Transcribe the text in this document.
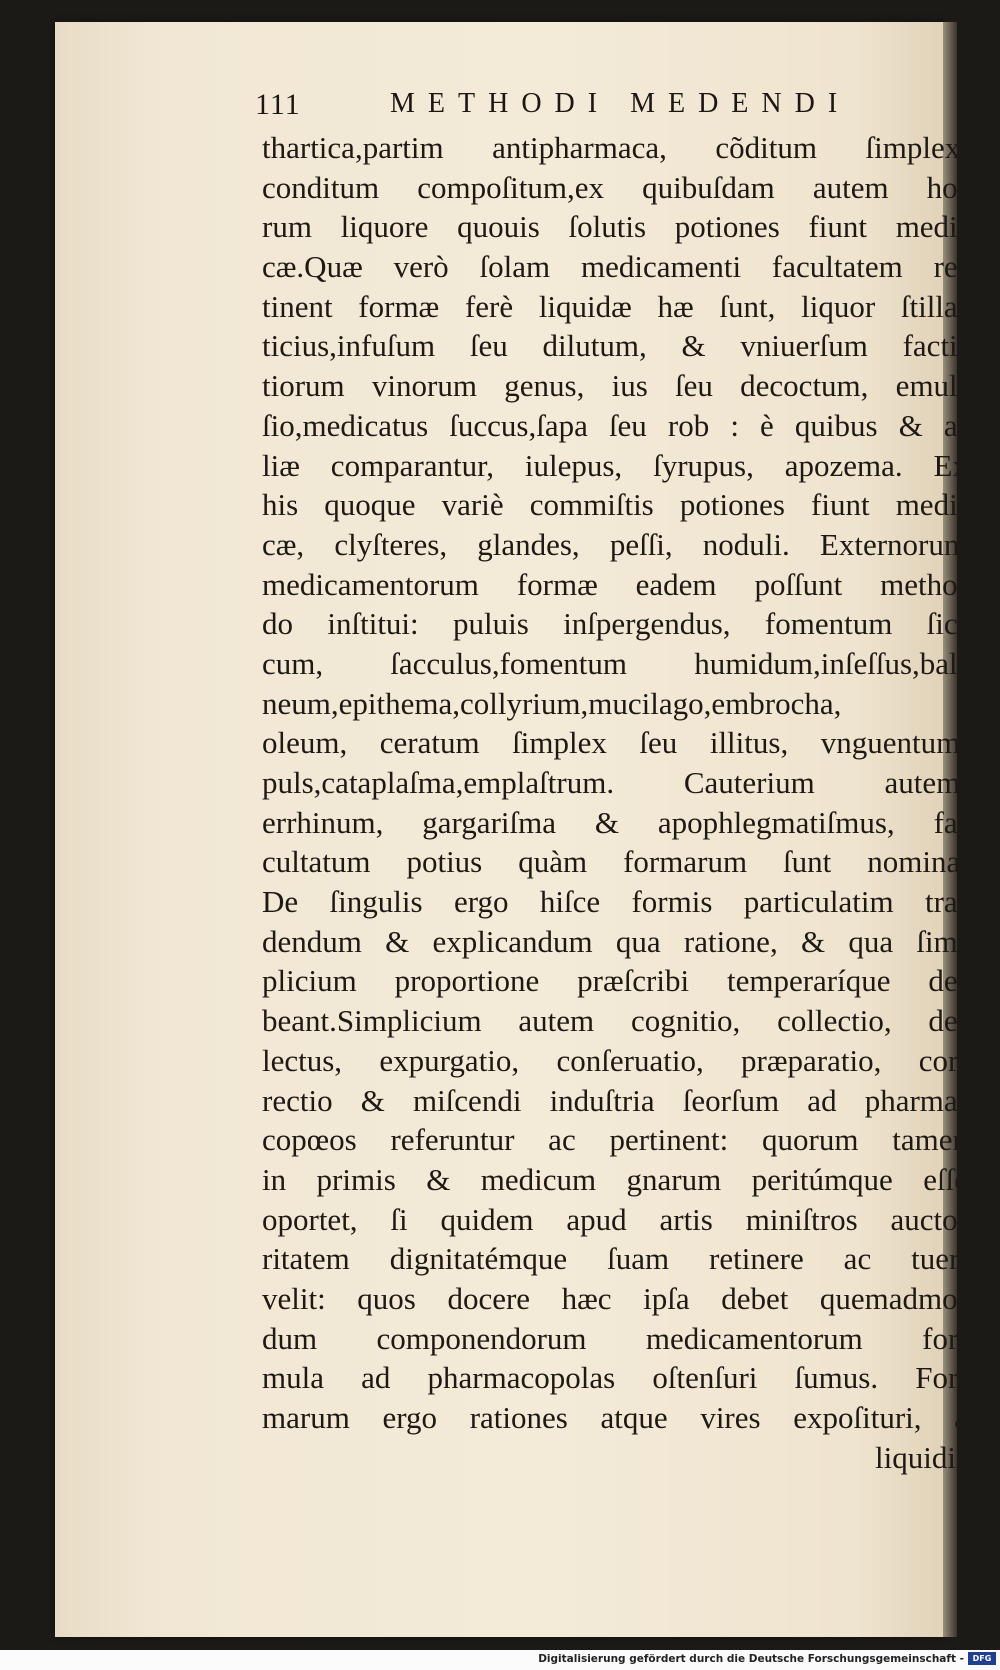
111	METHODI MEDENDI
thartica,partim antipharmaca, cõditum ſimplex,
conditum compoſitum,ex quibuſdam autem ho-
rum liquore quouis ſolutis potiones fiunt medi-
cæ.Quæ verò ſolam medicamenti facultatem re-
tinent formæ ferè liquidæ hæ ſunt, liquor ſtilla-
ticius,infuſum ſeu dilutum, & vniuerſum facti-
tiorum vinorum genus, ius ſeu decoctum, emul-
ſio,medicatus ſuccus,ſapa ſeu rob : è quibus & a-
liæ comparantur, iulepus, ſyrupus, apozema. Ex
his quoque variè commiſtis potiones fiunt medi-
cæ, clyſteres, glandes, peſſi, noduli. Externorum
medicamentorum formæ eadem poſſunt metho-
do inſtitui: puluis inſpergendus, fomentum ſic-
cum, ſacculus,fomentum humidum,inſeſſus,bal-
neum,epithema,collyrium,mucilago,embrocha,
oleum, ceratum ſimplex ſeu illitus, vnguentum,
puls,cataplaſma,emplaſtrum. Cauterium autem,
errhinum, gargariſma & apophlegmatiſmus, fa-
cultatum potius quàm formarum ſunt nomina.
De ſingulis ergo hiſce formis particulatim tra-
dendum & explicandum qua ratione, & qua ſim-
plicium proportione præſcribi temperaríque de-
beant.Simplicium autem cognitio, collectio, de-
lectus, expurgatio, conſeruatio, præparatio, cor-
rectio & miſcendi induſtria ſeorſum ad pharma-
copœos referuntur ac pertinent: quorum tamen
in primis & medicum gnarum peritúmque eſſe
oportet, ſi quidem apud artis miniſtros aucto-
ritatem dignitatémque ſuam retinere ac tueri
velit: quos docere hæc ipſa debet quemadmo-
dum componendorum medicamentorum for-
mula ad pharmacopolas oſtenſuri ſumus. For-
marum ergo rationes atque vires expoſituri, à
liquidis
Digitalisierung gefördert durch die Deutsche Forschungsgemeinschaft -	DFG
